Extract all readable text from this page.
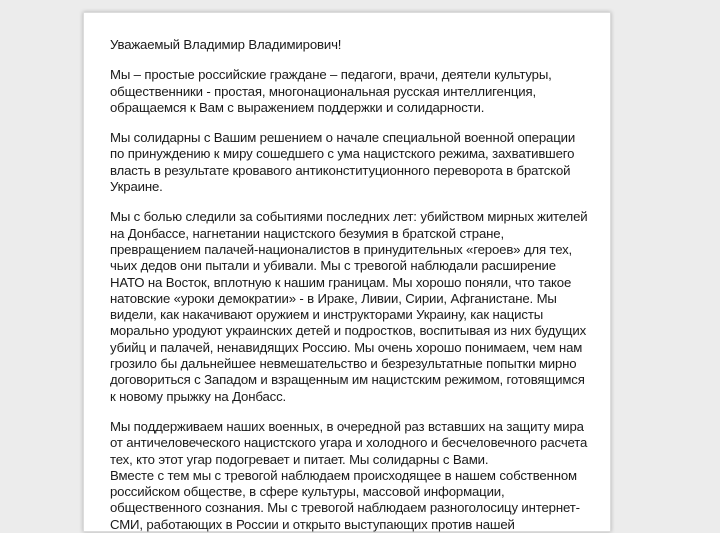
Уважаемый Владимир Владимирович!
Мы – простые российские граждане – педагоги, врачи, деятели культуры,
общественники - простая, многонациональная русская интеллигенция,
обращаемся к Вам с выражением поддержки и солидарности.
Мы солидарны с Вашим решением о начале специальной военной операции
по принуждению к миру сошедшего с ума нацистского режима, захватившего
власть в результате кровавого антиконституционного переворота в братской
Украине.
Мы с болью следили за событиями последних лет: убийством мирных жителей
на Донбассе, нагнетании нацистского безумия в братской стране,
превращением палачей-националистов в принудительных «героев» для тех,
чьих дедов они пытали и убивали. Мы с тревогой наблюдали расширение
НАТО на Восток, вплотную к нашим границам. Мы хорошо поняли, что такое
натовские «уроки демократии» - в Ираке, Ливии, Сирии, Афганистане. Мы
видели, как накачивают оружием и инструкторами Украину, как нацисты
морально уродуют украинских детей и подростков, воспитывая из них будущих
убийц и палачей, ненавидящих Россию. Мы очень хорошо понимаем, чем нам
грозило бы дальнейшее невмешательство и безрезультатные попытки мирно
договориться с Западом и взращенным им нацистским режимом, готовящимся
к новому прыжку на Донбасс.
Мы поддерживаем наших военных, в очередной раз вставших на защиту мира
от античеловеческого нацистского угара и холодного и бесчеловечного расчета
тех, кто этот угар подогревает и питает. Мы солидарны с Вами.
Вместе с тем мы с тревогой наблюдаем происходящее в нашем собственном
российском обществе, в сфере культуры, массовой информации,
общественного сознания. Мы с тревогой наблюдаем разноголосицу интернет-
СМИ, работающих в России и открыто выступающих против нашей
